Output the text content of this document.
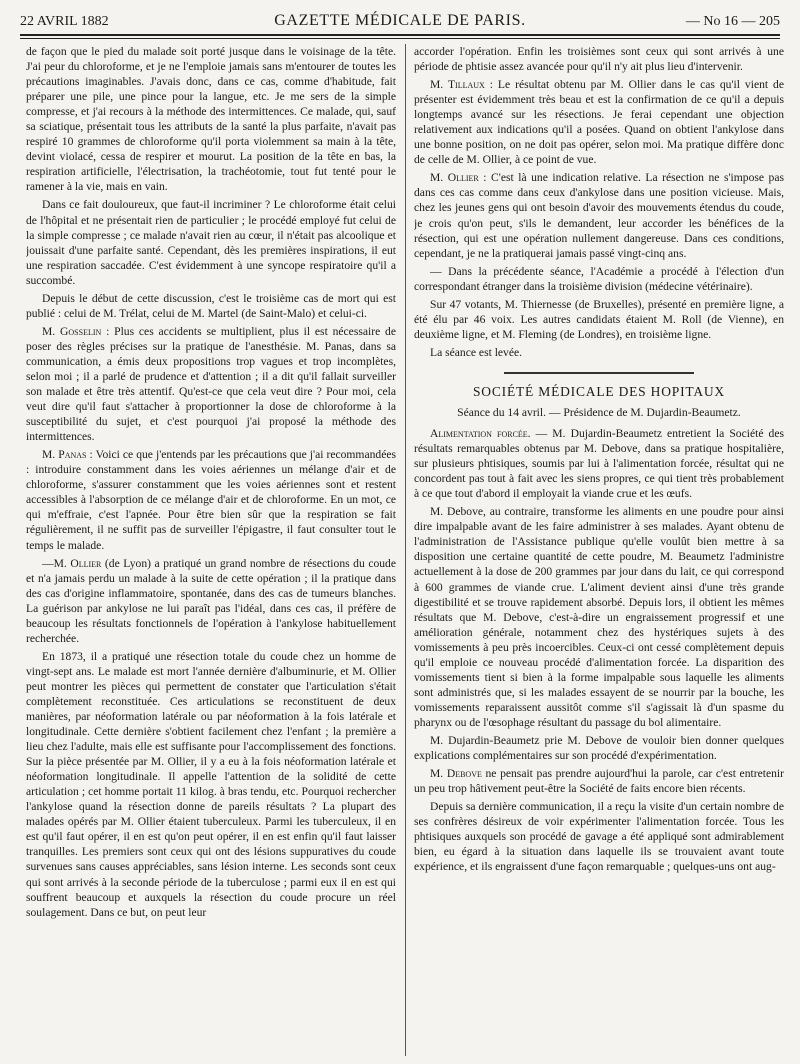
22 AVRIL 1882	GAZETTE MÉDICALE DE PARIS.	— No 16 — 205

de façon que le pied du malade soit porté jusque dans le voisinage de la tête. J'ai peur du chloroforme, et je ne l'emploie jamais sans m'entourer de toutes les précautions imaginables. J'avais donc, dans ce cas, comme d'habitude, fait préparer une pile, une pince pour la langue, etc. Je me sers de la simple compresse, et j'ai recours à la méthode des intermittences. Ce malade, qui, sauf sa sciatique, présentait tous les attributs de la santé la plus parfaite, n'avait pas respiré 10 grammes de chloroforme qu'il porta violemment sa main à la tête, devint violacé, cessa de respirer et mourut. La position de la tête en bas, la respiration artificielle, l'électrisation, la trachéotomie, tout fut tenté pour le ramener à la vie, mais en vain.

Dans ce fait douloureux, que faut-il incriminer ? Le chloroforme était celui de l'hôpital et ne présentait rien de particulier ; le procédé employé fut celui de la simple compresse ; ce malade n'avait rien au cœur, il n'était pas alcoolique et jouissait d'une parfaite santé. Cependant, dès les premières inspirations, il eut une respiration saccadée. C'est évidemment à une syncope respiratoire qu'il a succombé.

Depuis le début de cette discussion, c'est le troisième cas de mort qui est publié : celui de M. Trélat, celui de M. Martel (de Saint-Malo) et celui-ci.

M. Gosselin : Plus ces accidents se multiplient, plus il est nécessaire de poser des règles précises sur la pratique de l'anesthésie. M. Panas, dans sa communication, a émis deux propositions trop vagues et trop incomplètes, selon moi ; il a parlé de prudence et d'attention ; il a dit qu'il fallait surveiller son malade et être très attentif. Qu'est-ce que cela veut dire ? Pour moi, cela veut dire qu'il faut s'attacher à proportionner la dose de chloroforme à la susceptibilité du sujet, et c'est pourquoi j'ai proposé la méthode des intermittences.

M. Panas : Voici ce que j'entends par les précautions que j'ai recommandées : introduire constamment dans les voies aériennes un mélange d'air et de chloroforme, s'assurer constamment que les voies aériennes sont et restent accessibles à l'absorption de ce mélange d'air et de chloroforme. En un mot, ce qui m'effraie, c'est l'apnée. Pour être bien sûr que la respiration se fait régulièrement, il ne suffit pas de surveiller l'épigastre, il faut consulter tout le temps le malade.

—M. Ollier (de Lyon) a pratiqué un grand nombre de résections du coude et n'a jamais perdu un malade à la suite de cette opération ; il la pratique dans des cas d'origine inflammatoire, spontanée, dans des cas de tumeurs blanches. La guérison par ankylose ne lui paraît pas l'idéal, dans ces cas, il préfère de beaucoup les résultats fonctionnels de l'opération à l'ankylose habituellement recherchée.

En 1873, il a pratiqué une résection totale du coude chez un homme de vingt-sept ans. Le malade est mort l'année dernière d'albuminurie, et M. Ollier peut montrer les pièces qui permettent de constater que l'articulation s'était complètement reconstituée. Ces articulations se reconstituent de deux manières, par néoformation latérale ou par néoformation à la fois latérale et longitudinale. Cette dernière s'obtient facilement chez l'enfant ; la première a lieu chez l'adulte, mais elle est suffisante pour l'accomplissement des fonctions. Sur la pièce présentée par M. Ollier, il y a eu à la fois néoformation latérale et néoformation longitudinale. Il appelle l'attention de la solidité de cette articulation ; cet homme portait 11 kilog. à bras tendu, etc. Pourquoi rechercher l'ankylose quand la résection donne de pareils résultats ? La plupart des malades opérés par M. Ollier étaient tuberculeux. Parmi les tuberculeux, il en est qu'il faut opérer, il en est qu'on peut opérer, il en est enfin qu'il faut laisser tranquilles. Les premiers sont ceux qui ont des lésions suppuratives du coude survenues sans causes appréciables, sans lésion interne. Les seconds sont ceux qui sont arrivés à la seconde période de la tuberculose ; parmi eux il en est qui souffrent beaucoup et auxquels la résection du coude procure un réel soulagement. Dans ce but, on peut leur

accorder l'opération. Enfin les troisièmes sont ceux qui sont arrivés à une période de phtisie assez avancée pour qu'il n'y ait plus lieu d'intervenir.

M. Tillaux : Le résultat obtenu par M. Ollier dans le cas qu'il vient de présenter est évidemment très beau et est la confirmation de ce qu'il a depuis longtemps avancé sur les résections. Je ferai cependant une objection relativement aux indications qu'il a posées. Quand on obtient l'ankylose dans une bonne position, on ne doit pas opérer, selon moi. Ma pratique diffère donc de celle de M. Ollier, à ce point de vue.

M. Ollier : C'est là une indication relative. La résection ne s'impose pas dans ces cas comme dans ceux d'ankylose dans une position vicieuse. Mais, chez les jeunes gens qui ont besoin d'avoir des mouvements étendus du coude, je crois qu'on peut, s'ils le demandent, leur accorder les bénéfices de la résection, qui est une opération nullement dangereuse. Dans ces conditions, cependant, je ne la pratiquerai jamais passé vingt-cinq ans.

— Dans la précédente séance, l'Académie a procédé à l'élection d'un correspondant étranger dans la troisième division (médecine vétérinaire).

Sur 47 votants, M. Thiernesse (de Bruxelles), présenté en première ligne, a été élu par 46 voix. Les autres candidats étaient M. Roll (de Vienne), en deuxième ligne, et M. Fleming (de Londres), en troisième ligne.

La séance est levée.

SOCIÉTÉ MÉDICALE DES HOPITAUX
Séance du 14 avril. — Présidence de M. Dujardin-Beaumetz.

Alimentation forcée. — M. Dujardin-Beaumetz entretient la Société des résultats remarquables obtenus par M. Debove, dans sa pratique hospitalière, sur plusieurs phtisiques, soumis par lui à l'alimentation forcée, résultat qui ne concordent pas tout à fait avec les siens propres, ce qui tient très probablement à ce que tout d'abord il employait la viande crue et les œufs.

M. Debove, au contraire, transforme les aliments en une poudre pour ainsi dire impalpable avant de les faire administrer à ses malades. Ayant obtenu de l'administration de l'Assistance publique qu'elle voulût bien mettre à sa disposition une certaine quantité de cette poudre, M. Beaumetz l'administre actuellement à la dose de 200 grammes par jour dans du lait, ce qui correspond à 600 grammes de viande crue. L'aliment devient ainsi d'une très grande digestibilité et se trouve rapidement absorbé. Depuis lors, il obtient les mêmes résultats que M. Debove, c'est-à-dire un engraissement progressif et une amélioration générale, notamment chez des hystériques sujets à des vomissements à peu près incoercibles. Ceux-ci ont cessé complètement depuis qu'il emploie ce nouveau procédé d'alimentation forcée. La disparition des vomissements tient si bien à la forme impalpable sous laquelle les aliments sont administrés que, si les malades essayent de se nourrir par la bouche, les vomissements reparaissent aussitôt comme s'il s'agissait là d'un spasme du pharynx ou de l'œsophage résultant du passage du bol alimentaire.

M. Dujardin-Beaumetz prie M. Debove de vouloir bien donner quelques explications complémentaires sur son procédé d'expérimentation.

M. Debove ne pensait pas prendre aujourd'hui la parole, car c'est entretenir un peu trop hâtivement peut-être la Société de faits encore bien récents.

Depuis sa dernière communication, il a reçu la visite d'un certain nombre de ses confrères désireux de voir expérimenter l'alimentation forcée. Tous les phtisiques auxquels son procédé de gavage a été appliqué sont admirablement bien, eu égard à la situation dans laquelle ils se trouvaient avant toute expérience, et ils engraissent d'une façon remarquable ; quelques-uns ont aug-
